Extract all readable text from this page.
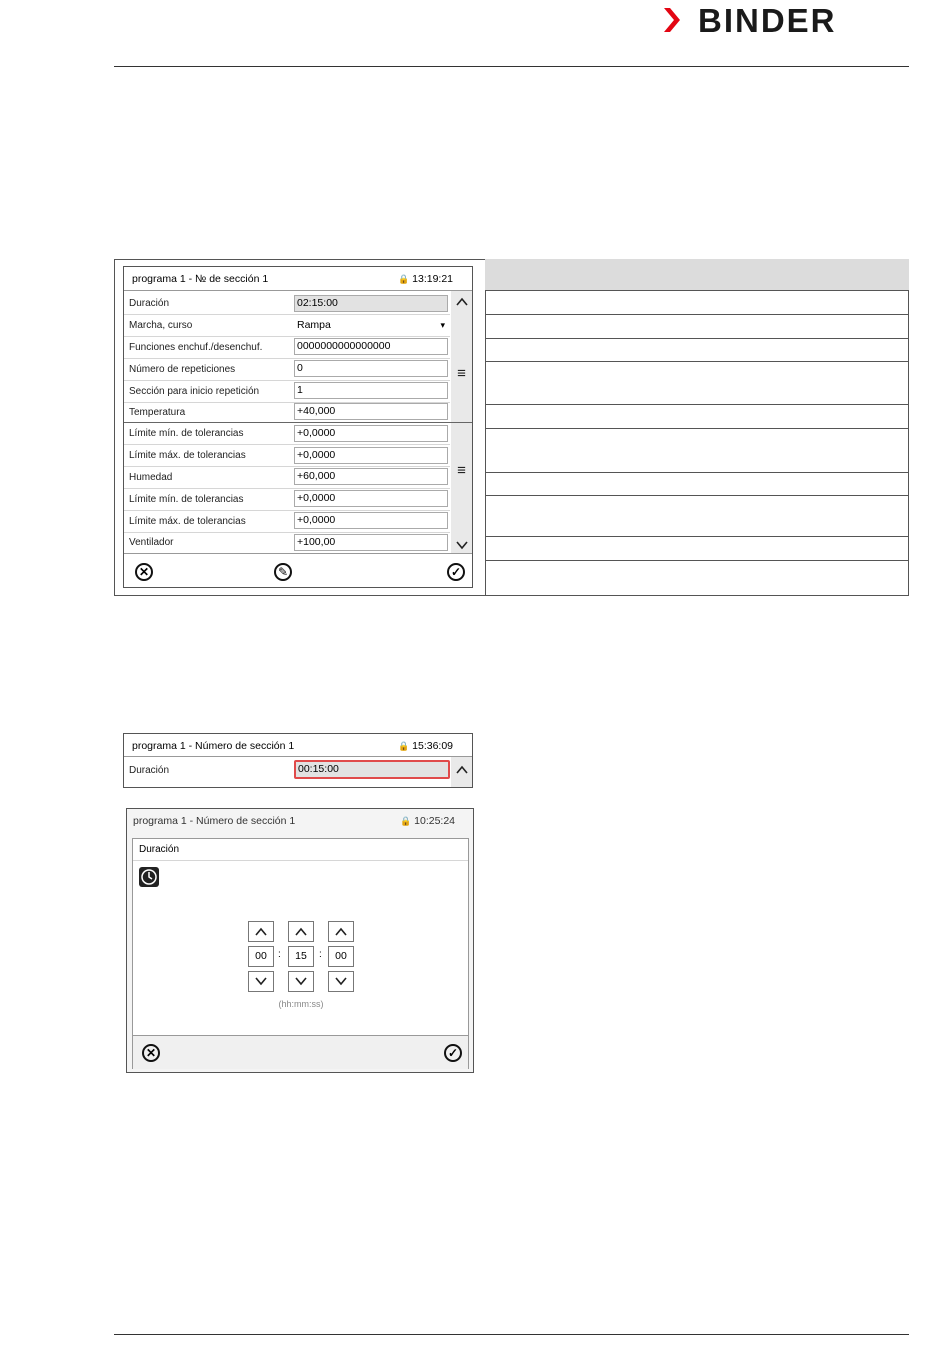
BINDER
programa 1 - № de sección 1	🔒 13:19:21
≡
≡
Duración	02:15:00
Marcha, curso	Rampa	▾
Funciones enchuf./desenchuf.	0000000000000000
Número de repeticiones	0
Sección para inicio repetición	1
Temperatura	+40,000
Límite mín. de tolerancias	+0,0000
Límite máx. de tolerancias	+0,0000
Humedad	+60,000
Límite mín. de tolerancias	+0,0000
Límite máx. de tolerancias	+0,0000
Ventilador	+100,00
✕	✎	✓
programa 1 - Número de sección 1	🔒 15:36:09
Duración	00:15:00
programa 1 - Número de sección 1	🔒 10:25:24
Duración
00	:	15	:	00
(hh:mm:ss)
✕	✓
